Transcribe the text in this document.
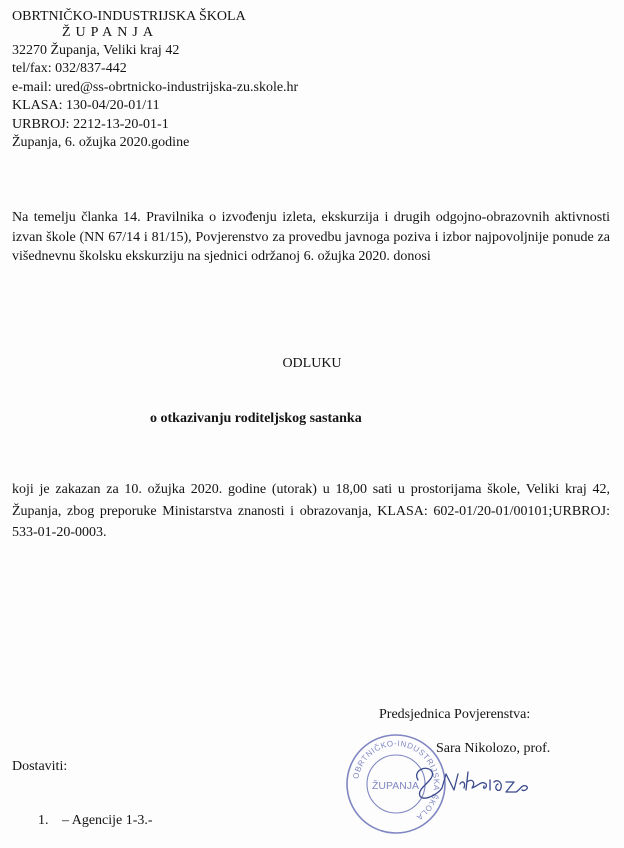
OBRTNIČKO-INDUSTRIJSKA ŠKOLA
ŽUPANJA
32270 Županja, Veliki kraj 42
tel/fax: 032/837-442
e-mail: ured@ss-obrtnicko-industrijska-zu.skole.hr
KLASA: 130-04/20-01/11
URBROJ: 2212-13-20-01-1
Županja, 6. ožujka 2020.godine
Na temelju članka 14. Pravilnika o izvođenju izleta, ekskurzija i drugih odgojno-obrazovnih aktivnosti izvan škole (NN 67/14 i 81/15), Povjerenstvo za provedbu javnoga poziva i izbor najpovoljnije ponude za višednevnu školsku ekskurziju na sjednici održanoj 6. ožujka 2020. donosi
ODLUKU
o otkazivanju roditeljskog sastanka
koji je zakazan za 10. ožujka 2020. godine (utorak) u 18,00 sati u prostorijama škole, Veliki kraj 42, Županja, zbog preporuke Ministarstva znanosti i obrazovanja, KLASA: 602-01/20-01/00101;URBROJ: 533-01-20-0003.
Predsjednica Povjerenstva:
Sara Nikolozo, prof.
OBRTNIČKO-INDUSTRIJSKA ŠKOLA
ŽUPANJA
Dostaviti:
1. – Agencije 1-3.-
